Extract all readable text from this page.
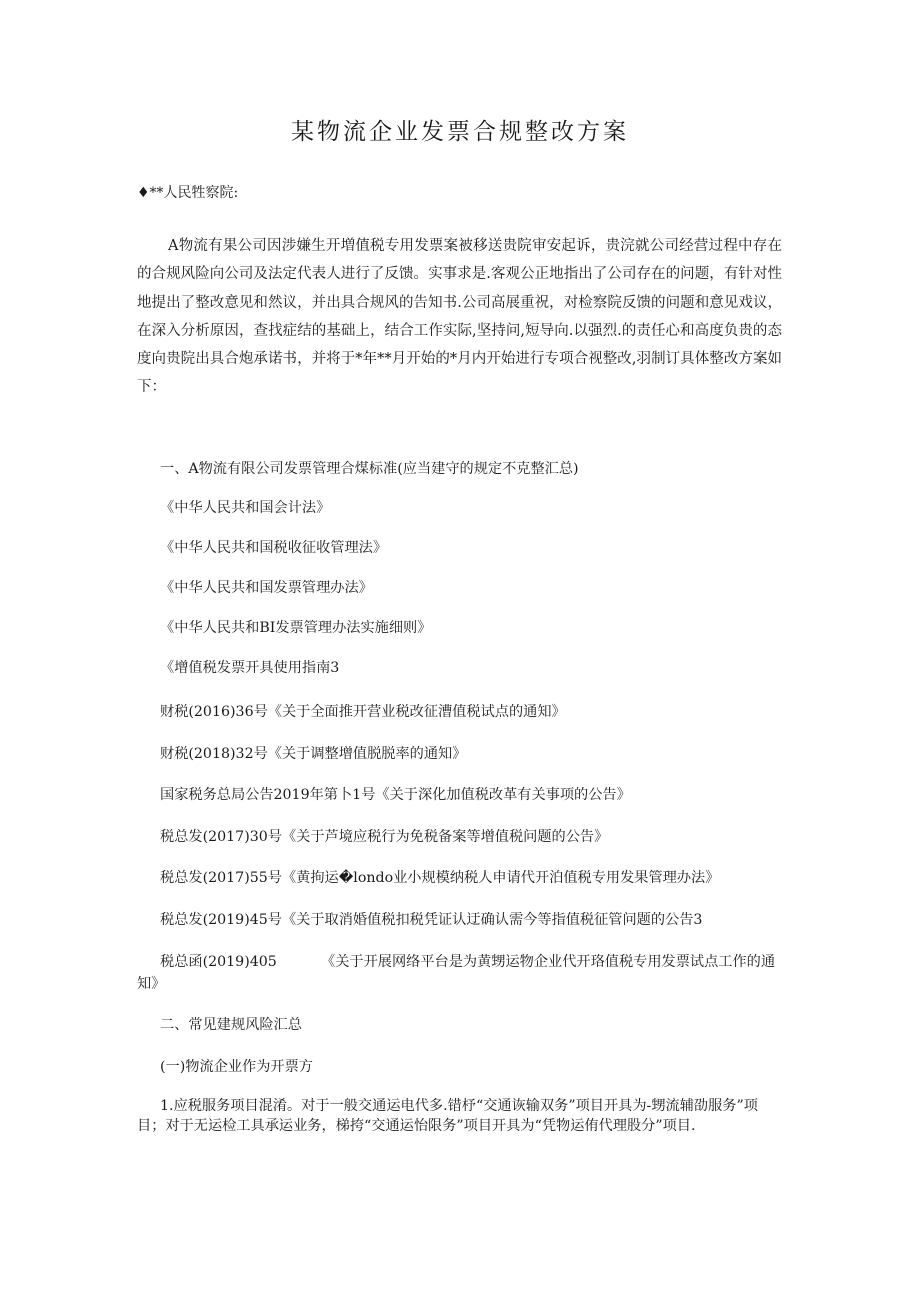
某物流企业发票合规整改方案
♦**人民牲察院:

A物流有果公司因涉嫌生开増值税专用发票案被移送贵院审安起诉，贵浣就公司经营过程中存在的合规风险向公司及法定代表人进行了反馈。实事求是.客观公正地指出了公司存在的问题，有针对性地提出了整改意见和然议，并出具合规风的告知书.公司高展重祝，对检察院反馈的问题和意见戏议，在深入分析原因，查找症结的基础上，结合工作实际,坚持问,短导向.以强烈.的责任心和高度负贵的态度向贵院出具合炮承诺书，并将于*年**月开始的*月内开始进行专项合视整改,羽制订具体整改方案如下：

一、A物流有限公司发票管理合煤标准(应当建守的规定不克整汇总)

《中华人民共和国会计法》
《中华人民共和国税收征收管理法》
《中华人民共和国发票管理办法》
《中华人民共和BI发票管理办法实施细则》
《增值税发票开具使用指南3
财税(2016)36号《关于全面推开营业税改征漕值税试点的通知》
财税(2018)32号《关于调整增值脱脱率的通知》
国家税务总局公告2019年第卜1号《关于深化加值税改革有关事项的公告》
税总发(2017)30号《关于芦境应税行为免税备案等增值税问题的公告》
税总发(2017)55号《黄拘运�londo业小规模纳税人申请代开泊值税专用发果管理办法》
税总发(2019)45号《关于取消婚值税扣税凭证认迂确认需今等指值税征管问题的公告3

税总函(2019)405	《关于开展网络平台是为黄甥运物企业代开珞值税专用发票试点工作的通知》

二、常见建规风险汇总

(一)物流企业作为开票方

1.应税服务项目混淆。对于一般交通运电代多.错杼“交通诙输双务”项目开具为-甥流辅劭服务”项目；对于无运检工具承运业务，梯挎“交通运怡限务”项目开具为“凭物运侑代理股分”项目.
